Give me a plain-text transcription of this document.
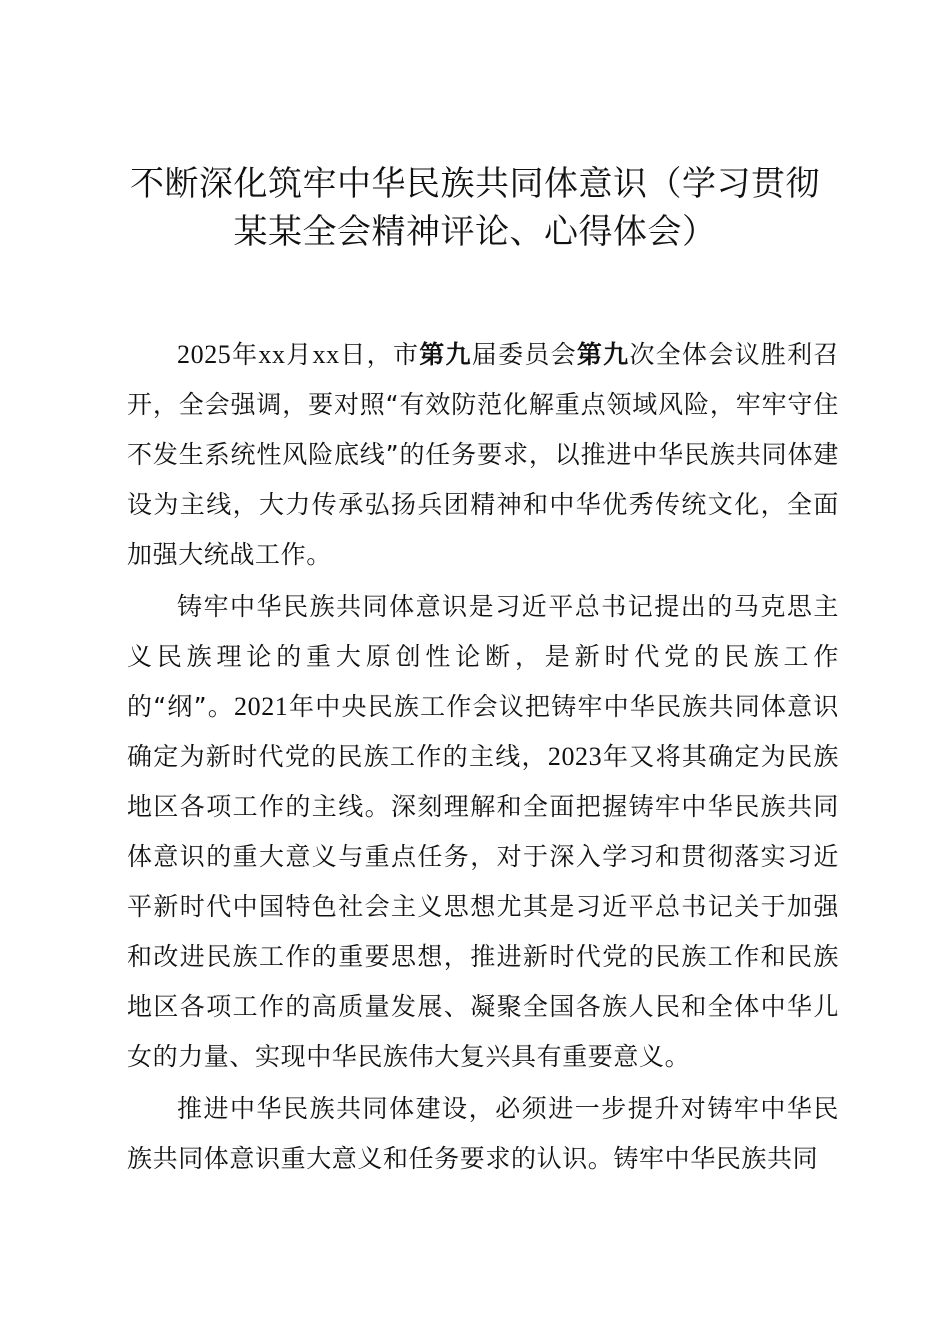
不断深化筑牢中华民族共同体意识（学习贯彻
某某全会精神评论、心得体会）

2025年xx月xx日，市第九届委员会第九次全体会议胜利召开，全会强调，要对照“有效防范化解重点领域风险，牢牢守住不发生系统性风险底线”的任务要求，以推进中华民族共同体建设为主线，大力传承弘扬兵团精神和中华优秀传统文化，全面加强大统战工作。

铸牢中华民族共同体意识是习近平总书记提出的马克思主义民族理论的重大原创性论断，是新时代党的民族工作的“纲”。2021年中央民族工作会议把铸牢中华民族共同体意识确定为新时代党的民族工作的主线，2023年又将其确定为民族地区各项工作的主线。深刻理解和全面把握铸牢中华民族共同体意识的重大意义与重点任务，对于深入学习和贯彻落实习近平新时代中国特色社会主义思想尤其是习近平总书记关于加强和改进民族工作的重要思想，推进新时代党的民族工作和民族地区各项工作的高质量发展、凝聚全国各族人民和全体中华儿女的力量、实现中华民族伟大复兴具有重要意义。

推进中华民族共同体建设，必须进一步提升对铸牢中华民族共同体意识重大意义和任务要求的认识。铸牢中华民族共同
